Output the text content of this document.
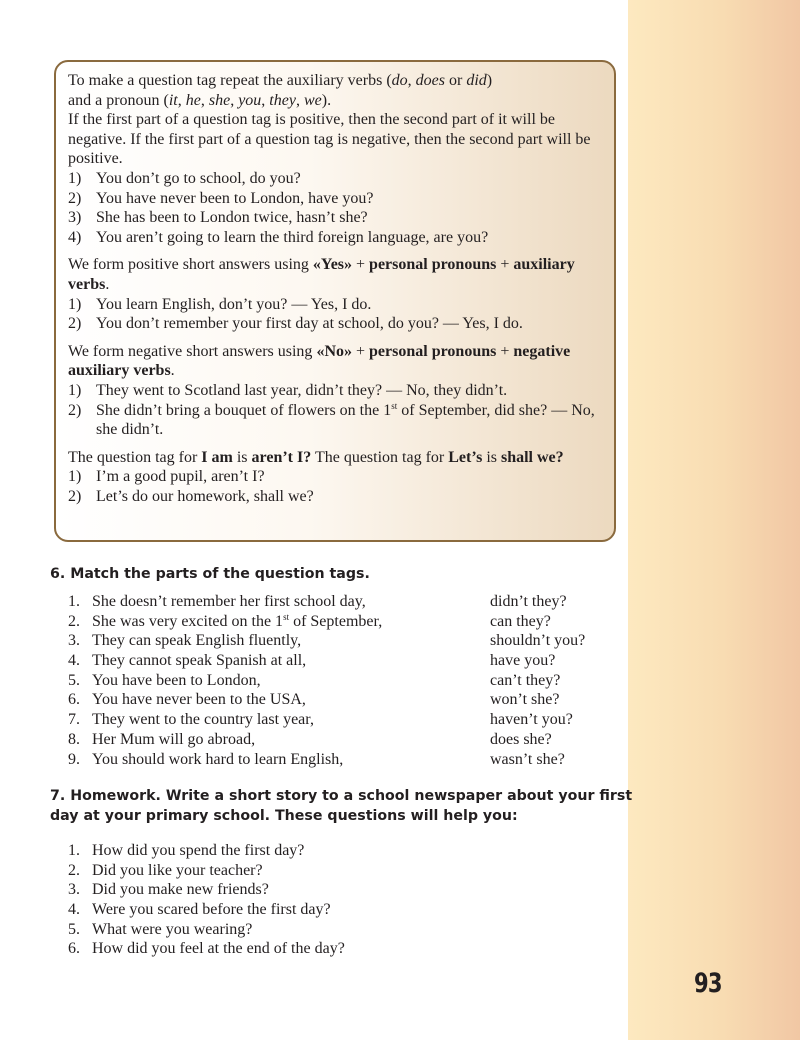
93

To make a question tag repeat the auxiliary verbs (do, does or did)
and a pronoun (it, he, she, you, they, we).

If the first part of a question tag is positive, then the second part of it will be negative. If the first part of a question tag is negative, then the second part will be positive.

1) You don’t go to school, do you?
2) You have never been to London, have you?
3) She has been to London twice, hasn’t she?
4) You aren’t going to learn the third foreign language, are you?

We form positive short answers using «Yes» + personal pronouns + auxiliary verbs.

1) You learn English, don’t you? — Yes, I do.
2) You don’t remember your first day at school, do you? — Yes, I do.

We form negative short answers using «No» + personal pronouns + negative auxiliary verbs.

1) They went to Scotland last year, didn’t they? — No, they didn’t.
2) She didn’t bring a bouquet of flowers on the 1st of September, did she? — No, she didn’t.

The question tag for I am is aren’t I? The question tag for Let’s is shall we?

1) I’m a good pupil, aren’t I?
2) Let’s do our homework, shall we?
6. Match the parts of the question tags.
1. She doesn’t remember her first school day,	didn’t they?
2. She was very excited on the 1st of September,	can they?
3. They can speak English fluently,	shouldn’t you?
4. They cannot speak Spanish at all,	have you?
5. You have been to London,	can’t they?
6. You have never been to the USA,	won’t she?
7. They went to the country last year,	haven’t you?
8. Her Mum will go abroad,	does she?
9. You should work hard to learn English,	wasn’t she?
7. Homework. Write a short story to a school newspaper about your first
day at your primary school. These questions will help you:
1. How did you spend the first day?
2. Did you like your teacher?
3. Did you make new friends?
4. Were you scared before the first day?
5. What were you wearing?
6. How did you feel at the end of the day?
